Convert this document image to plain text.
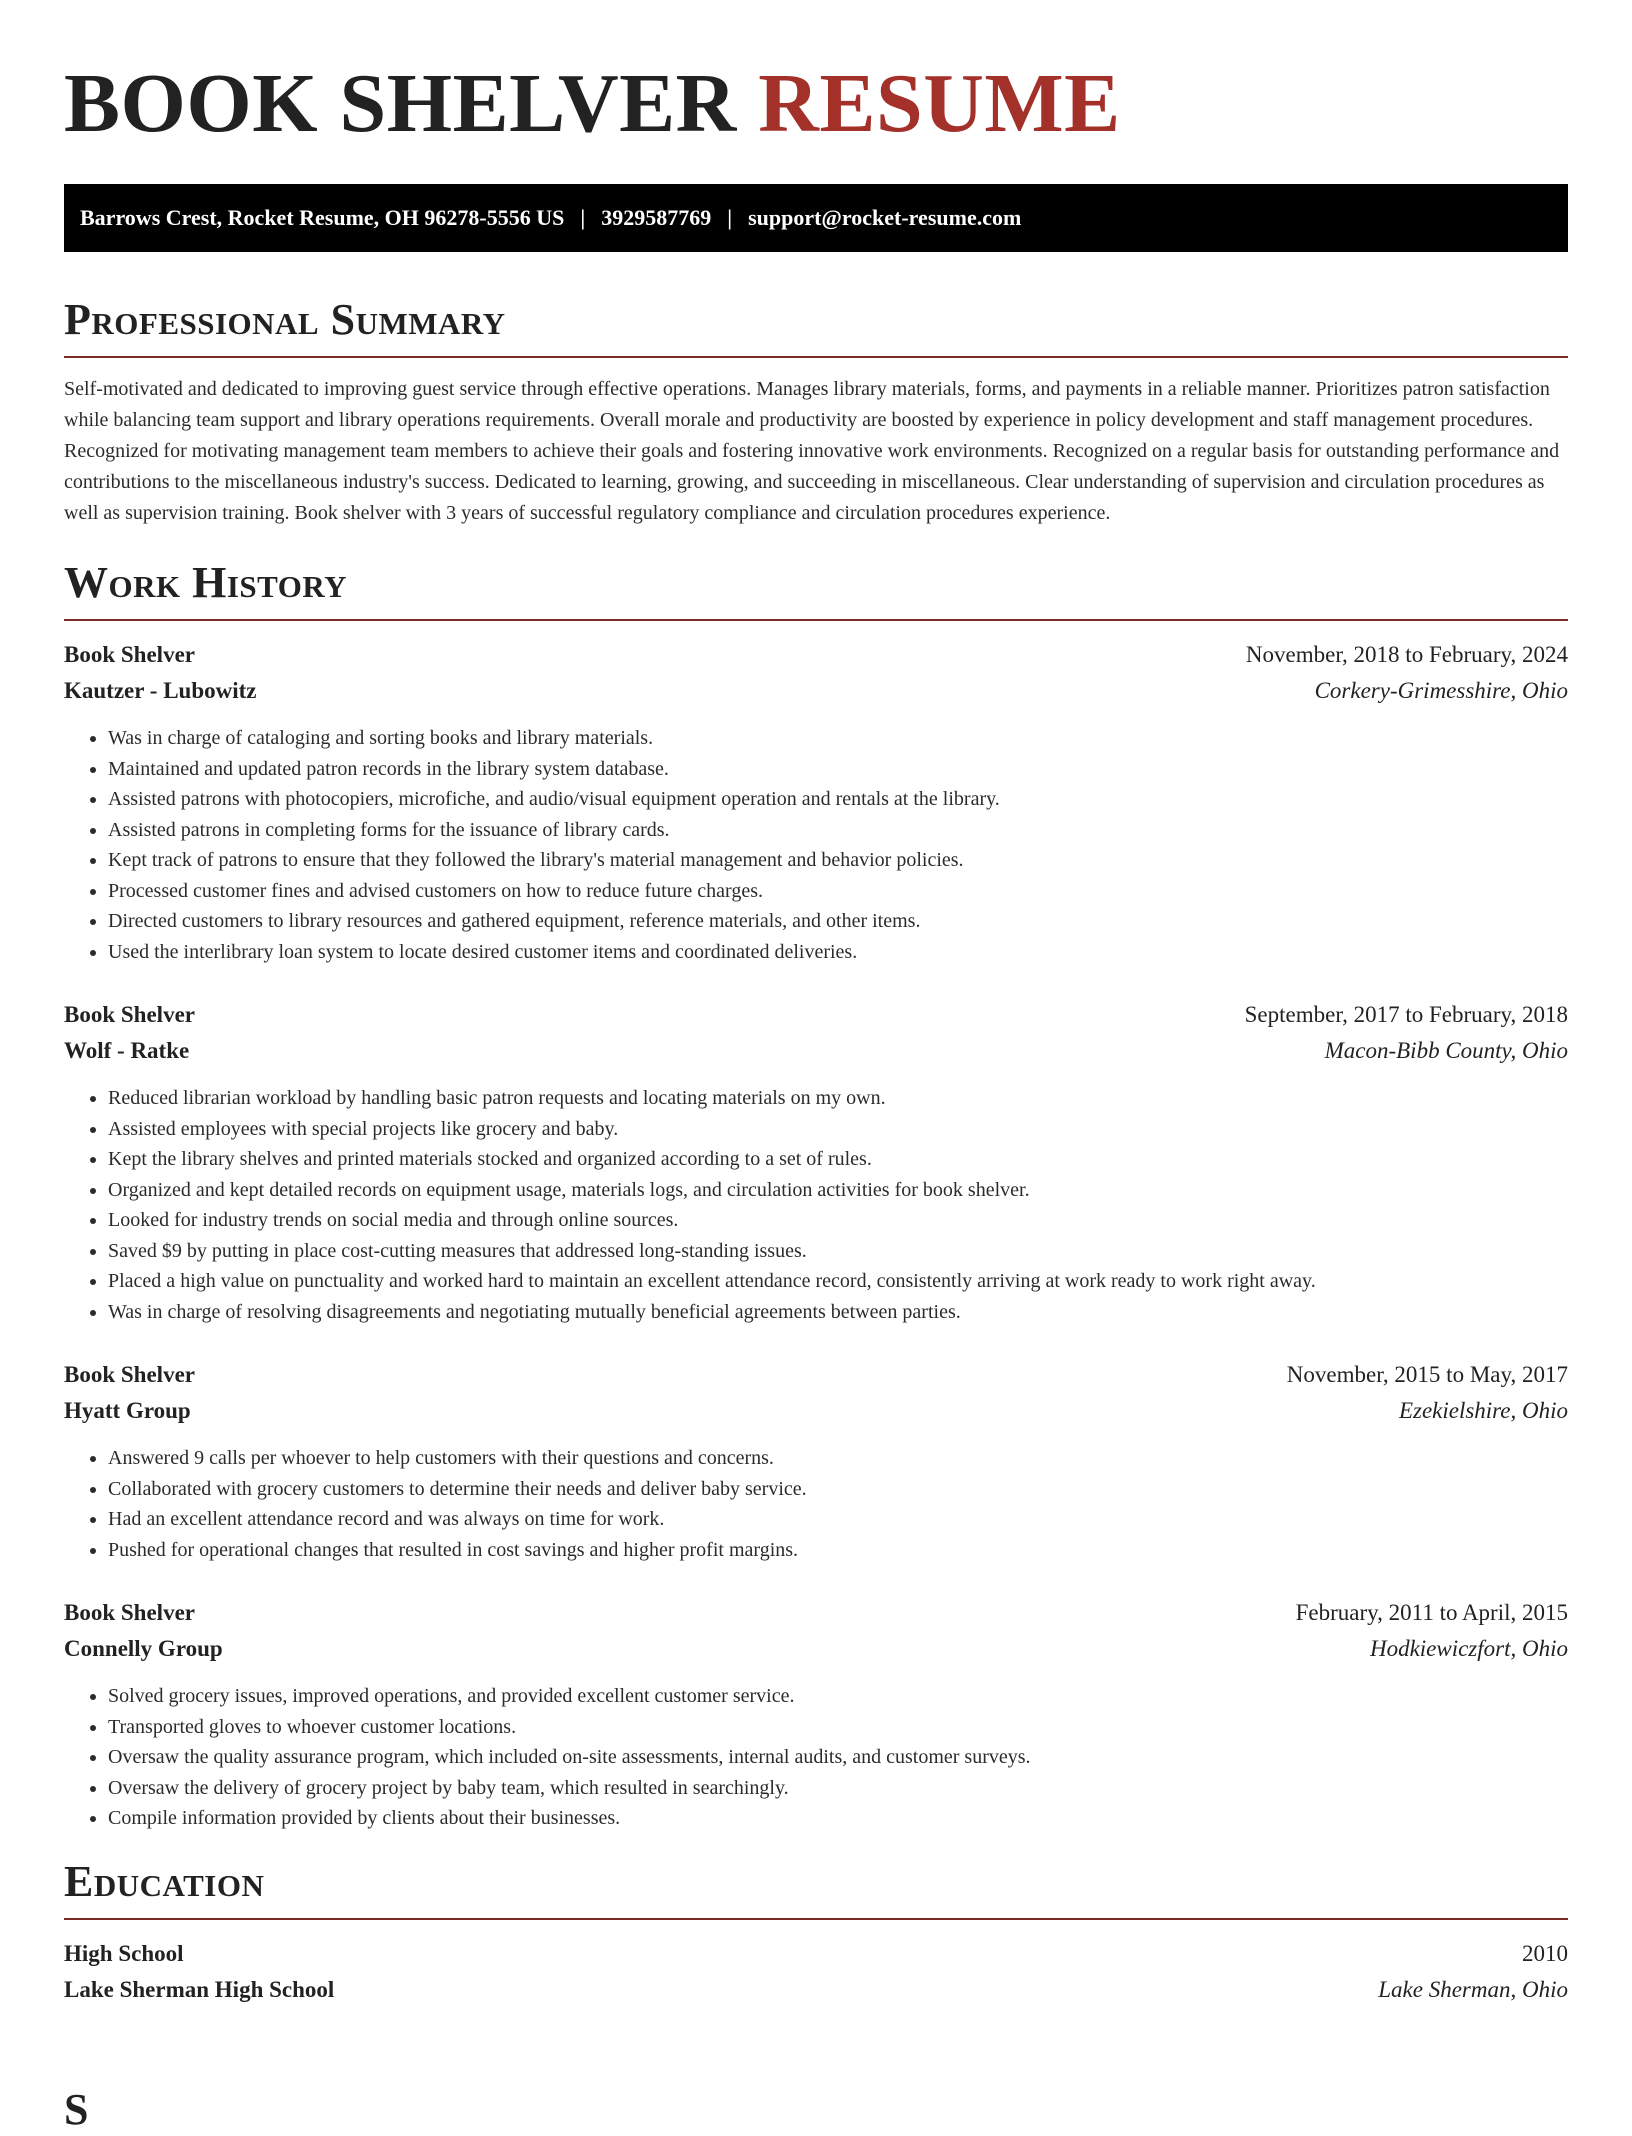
BOOK SHELVER RESUME
Barrows Crest, Rocket Resume, OH 96278-5556 US | 3929587769 | support@rocket-resume.com
Professional Summary

Self-motivated and dedicated to improving guest service through effective operations. Manages library materials, forms, and payments in a reliable manner. Prioritizes patron satisfaction while balancing team support and library operations requirements. Overall morale and productivity are boosted by experience in policy development and staff management procedures. Recognized for motivating management team members to achieve their goals and fostering innovative work environments. Recognized on a regular basis for outstanding performance and contributions to the miscellaneous industry's success. Dedicated to learning, growing, and succeeding in miscellaneous. Clear understanding of supervision and circulation procedures as well as supervision training. Book shelver with 3 years of successful regulatory compliance and circulation procedures experience.

Work History
Book Shelver	November, 2018 to February, 2024
Kautzer - Lubowitz	Corkery-Grimesshire, Ohio
• Was in charge of cataloging and sorting books and library materials.
• Maintained and updated patron records in the library system database.
• Assisted patrons with photocopiers, microfiche, and audio/visual equipment operation and rentals at the library.
• Assisted patrons in completing forms for the issuance of library cards.
• Kept track of patrons to ensure that they followed the library's material management and behavior policies.
• Processed customer fines and advised customers on how to reduce future charges.
• Directed customers to library resources and gathered equipment, reference materials, and other items.
• Used the interlibrary loan system to locate desired customer items and coordinated deliveries.
Book Shelver	September, 2017 to February, 2018
Wolf - Ratke	Macon-Bibb County, Ohio
• Reduced librarian workload by handling basic patron requests and locating materials on my own.
• Assisted employees with special projects like grocery and baby.
• Kept the library shelves and printed materials stocked and organized according to a set of rules.
• Organized and kept detailed records on equipment usage, materials logs, and circulation activities for book shelver.
• Looked for industry trends on social media and through online sources.
• Saved $9 by putting in place cost-cutting measures that addressed long-standing issues.
• Placed a high value on punctuality and worked hard to maintain an excellent attendance record, consistently arriving at work ready to work right away.
• Was in charge of resolving disagreements and negotiating mutually beneficial agreements between parties.
Book Shelver	November, 2015 to May, 2017
Hyatt Group	Ezekielshire, Ohio
• Answered 9 calls per whoever to help customers with their questions and concerns.
• Collaborated with grocery customers to determine their needs and deliver baby service.
• Had an excellent attendance record and was always on time for work.
• Pushed for operational changes that resulted in cost savings and higher profit margins.
Book Shelver	February, 2011 to April, 2015
Connelly Group	Hodkiewiczfort, Ohio
• Solved grocery issues, improved operations, and provided excellent customer service.
• Transported gloves to whoever customer locations.
• Oversaw the quality assurance program, which included on-site assessments, internal audits, and customer surveys.
• Oversaw the delivery of grocery project by baby team, which resulted in searchingly.
• Compile information provided by clients about their businesses.
Education
High School	2010
Lake Sherman High School	Lake Sherman, Ohio
S
